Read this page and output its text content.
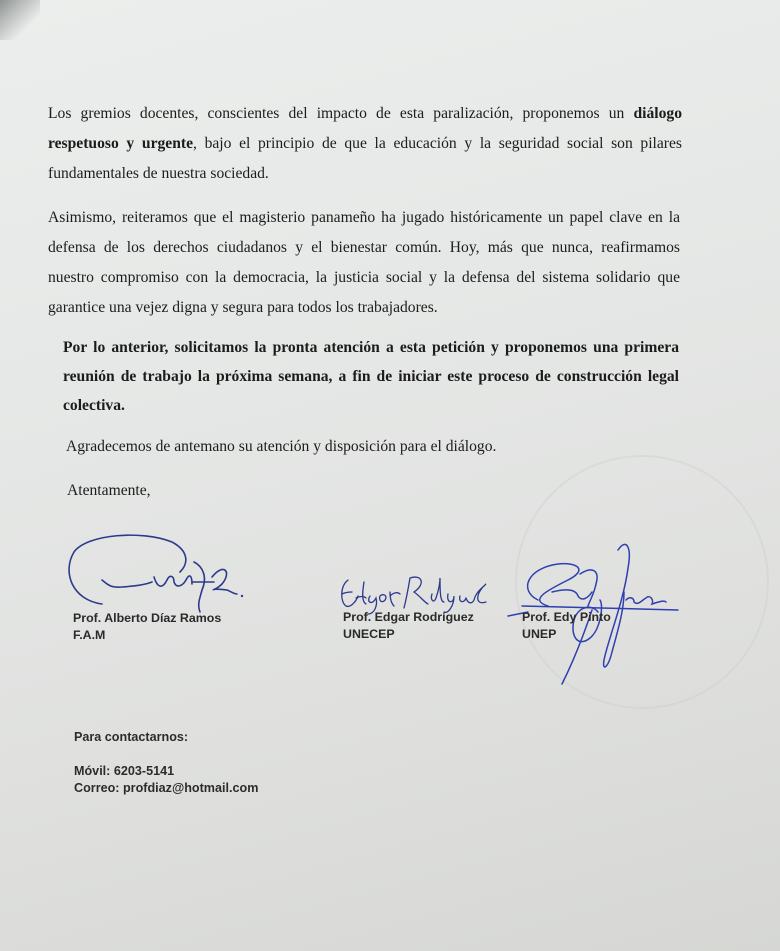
Los gremios docentes, conscientes del impacto de esta paralización, proponemos un diálogo
respetuoso y urgente, bajo el principio de que la educación y la seguridad social son pilares
fundamentales de nuestra sociedad.
Asimismo, reiteramos que el magisterio panameño ha jugado históricamente un papel clave en la
defensa de los derechos ciudadanos y el bienestar común. Hoy, más que nunca, reafirmamos
nuestro compromiso con la democracia, la justicia social y la defensa del sistema solidario que
garantice una vejez digna y segura para todos los trabajadores.
Por lo anterior, solicitamos la pronta atención a esta petición y proponemos una primera
reunión de trabajo la próxima semana, a fin de iniciar este proceso de construcción legal
colectiva.

Agradecemos de antemano su atención y disposición para el diálogo.

Atentamente,

Prof. Alberto Díaz Ramos
F.A.M
Prof. Edgar Rodríguez
UNECEP
Prof. Edy Pinto
UNEP
Para contactarnos:
Móvil: 6203-5141
Correo: profdiaz@hotmail.com
